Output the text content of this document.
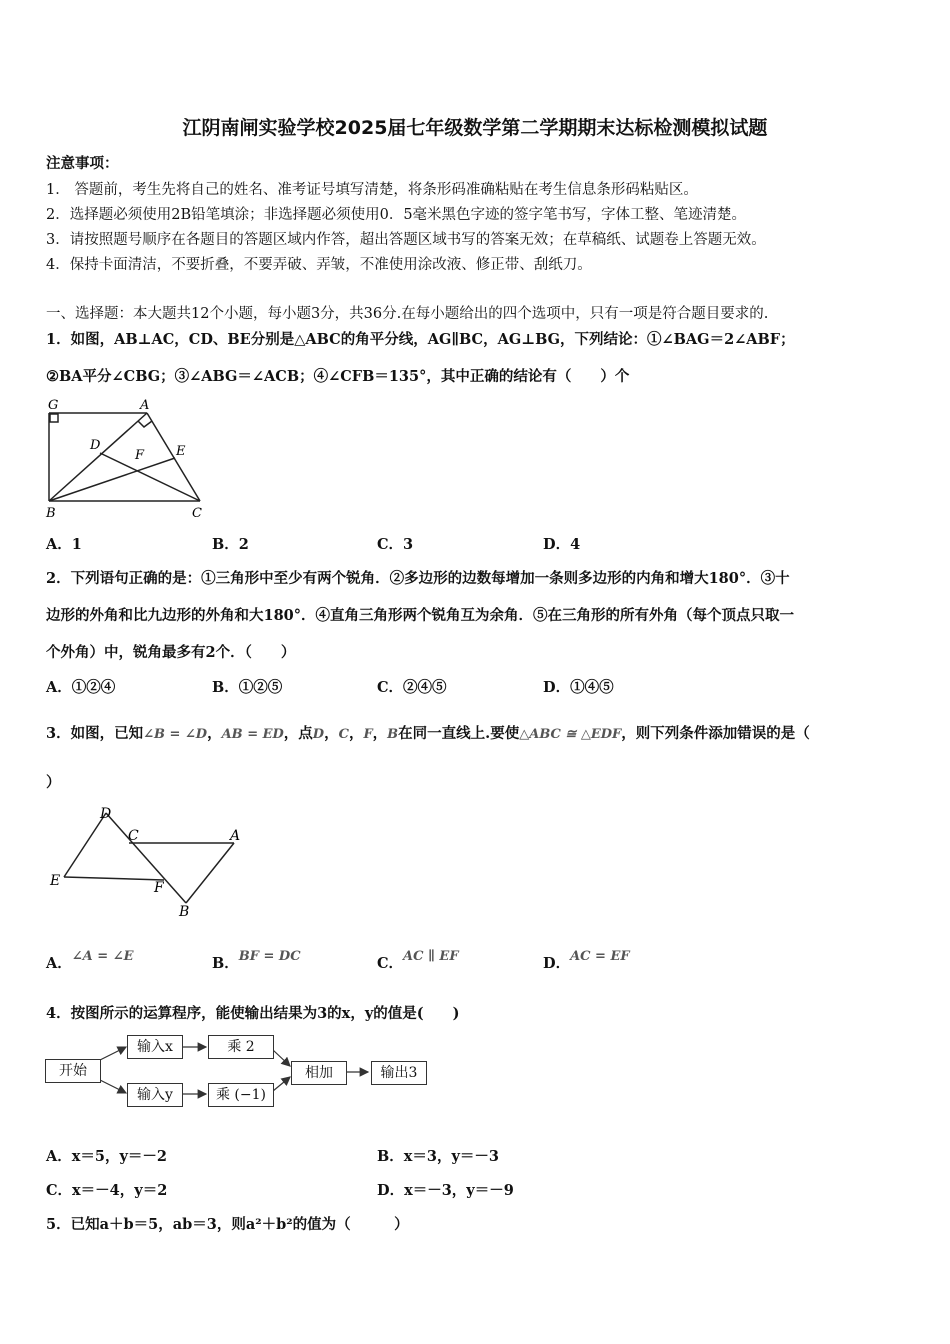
江阴南闸实验学校2025届七年级数学第二学期期末达标检测模拟试题
注意事项：
1． 答题前，考生先将自己的姓名、准考证号填写清楚，将条形码准确粘贴在考生信息条形码粘贴区。
2．选择题必须使用2B铅笔填涂；非选择题必须使用0．5毫米黑色字迹的签字笔书写，字体工整、笔迹清楚。
3．请按照题号顺序在各题目的答题区域内作答，超出答题区域书写的答案无效；在草稿纸、试题卷上答题无效。
4．保持卡面清洁，不要折叠，不要弄破、弄皱，不准使用涂改液、修正带、刮纸刀。
一、选择题：本大题共12个小题，每小题3分，共36分.在每小题给出的四个选项中，只有一项是符合题目要求的.
1．如图，AB⊥AC，CD、BE分别是△ABC的角平分线，AG∥BC，AG⊥BG，下列结论：①∠BAG＝2∠ABF；
②BA平分∠CBG；③∠ABG＝∠ACB；④∠CFB＝135°，其中正确的结论有（　　）个
G	A
D	E
F
B	C
A．1	B．2	C．3	D．4
2．下列语句正确的是：①三角形中至少有两个锐角．②多边形的边数每增加一条则多边形的内角和增大180°．③十
边形的外角和比九边形的外角和大180°．④直角三角形两个锐角互为余角．⑤在三角形的所有外角（每个顶点只取一
个外角）中，锐角最多有2个．（　　）
A．①②④	B．①②⑤	C．②④⑤	D．①④⑤
3．如图，已知∠B = ∠D，AB = ED，点D，C，F，B在同一直线上.要使△ABC ≅ △EDF，则下列条件添加错误的是（
）
D
C	A
E	F
B
A．∠A = ∠E	B．BF = DC	C．AC ∥ EF	D．AC = EF
4．按图所示的运算程序，能使输出结果为3的x，y的值是(　　)
开始
输入x	乘 2
输入y	乘 (−1)
相加	输出3
A．x＝5，y＝－2	B．x＝3，y＝－3
C．x＝－4，y＝2	D．x＝－3，y＝－9
5．已知a＋b＝5，ab＝3，则a²＋b²的值为（　　　）
